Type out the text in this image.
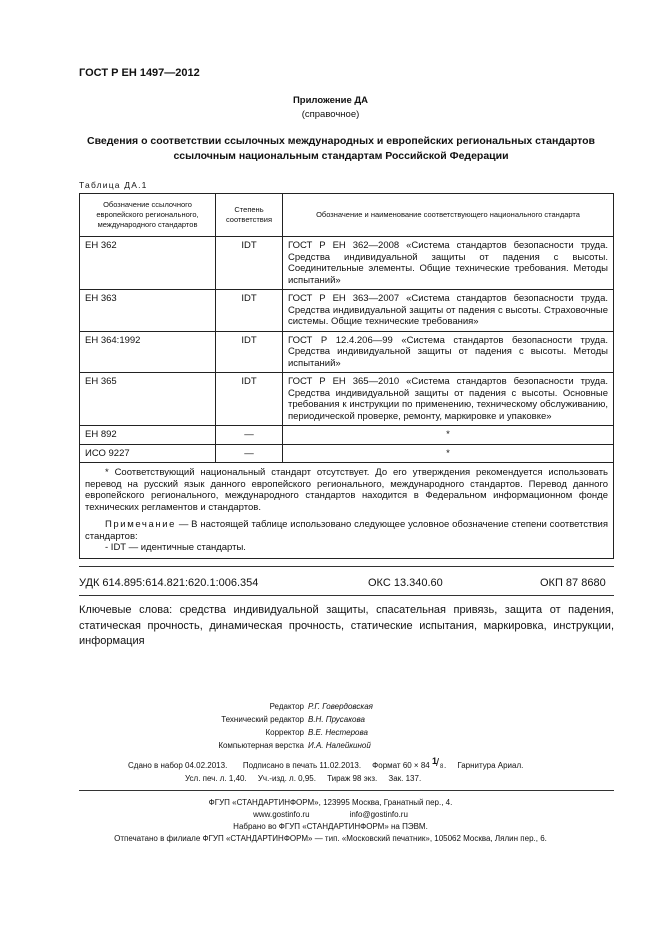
ГОСТ Р ЕН 1497—2012
Приложение ДА
(справочное)
Сведения о соответствии ссылочных международных и европейских региональных стандартов ссылочным национальным стандартам Российской Федерации
Таблица ДА.1
Обозначение ссылочного европейского регионального, международного стандартов	Степень соответствия	Обозначение и наименование соответствующего национального стандарта
ЕН 362	IDT	ГОСТ Р ЕН 362—2008 «Система стандартов безопасности труда. Средства индивидуальной защиты от падения с высоты. Соединительные элементы. Общие технические требования. Методы испытаний»
ЕН 363	IDT	ГОСТ Р ЕН 363—2007 «Система стандартов безопасности труда. Средства индивидуальной защиты от падения с высоты. Страховочные системы. Общие технические требования»
ЕН 364:1992	IDT	ГОСТ Р 12.4.206—99 «Система стандартов безопасности труда. Средства индивидуальной защиты от падения с высоты. Методы испытаний»
ЕН 365	IDT	ГОСТ Р ЕН 365—2010 «Система стандартов безопасности труда. Средства индивидуальной защиты от падения с высоты. Основные требования к инструкции по применению, техническому обслуживанию, периодической проверке, ремонту, маркировке и упаковке»
ЕН 892	—	*
ИСО 9227	—	*

* Соответствующий национальный стандарт отсутствует. До его утверждения рекомендуется использовать перевод на русский язык данного европейского регионального, международного стандартов. Перевод данного европейского регионального, международного стандартов находится в Федеральном информационном фонде технических регламентов и стандартов.

Примечание — В настоящей таблице использовано следующее условное обозначение степени соответствия стандартов:

- IDT — идентичные стандарты.		

УДК 614.895:614.821:620.1:006.354	ОКС 13.340.60	ОКП 87 8680
Ключевые слова: средства индивидуальной защиты, спасательная привязь, защита от падения, статическая прочность, динамическая прочность, статические испытания, маркировка, инструкции, информация
Редактор Р.Г. Говердовская
Технический редактор В.Н. Прусакова
Корректор В.Е. Нестерова
Компьютерная верстка И.А. Налейкиной
Сдано в набор 04.02.2013. Подписано в печать 11.02.2013. Формат 60 × 84 1
/ 8 .     Гарнитура Ариал.
Усл. печ. л. 1,40. Уч.-изд. л. 0,95. Тираж 98 экз. Зак. 137.
ФГУП «СТАНДАРТИНФОРМ», 123995 Москва, Гранатный пер., 4.
www.gostinfo.ru	info@gostinfo.ru
Набрано во ФГУП «СТАНДАРТИНФОРМ» на ПЭВМ.
Отпечатано в филиале ФГУП «СТАНДАРТИНФОРМ» — тип. «Московский печатник», 105062 Москва, Лялин пер., 6.
